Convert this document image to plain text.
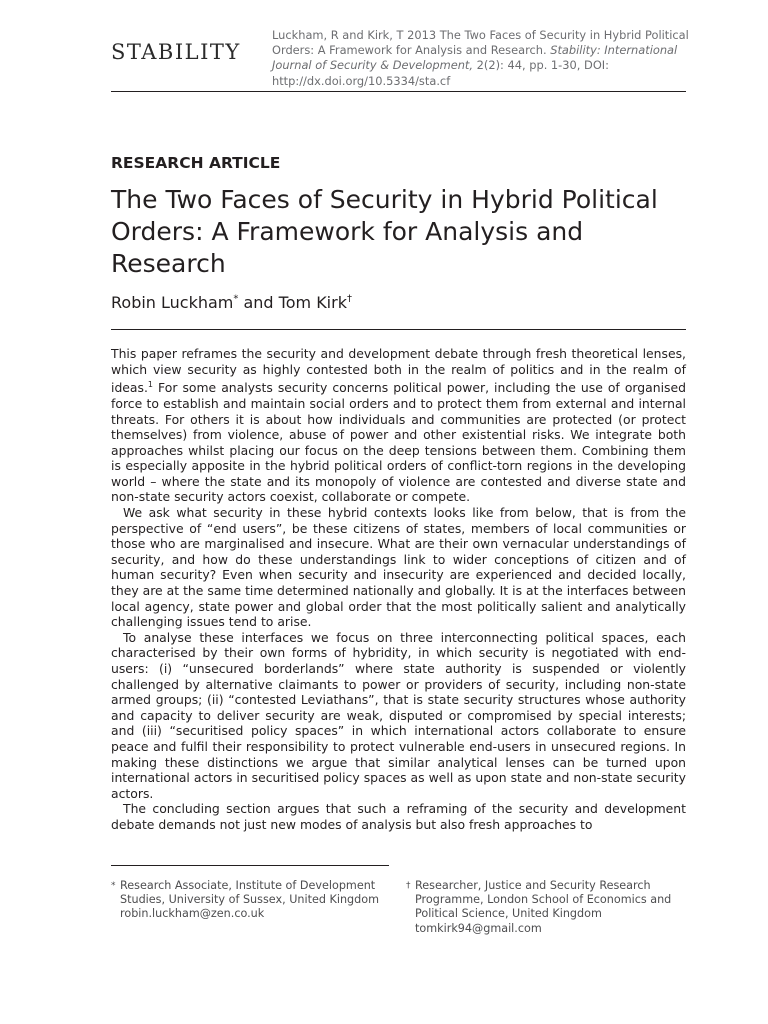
STABILITY
Luckham, R and Kirk, T 2013 The Two Faces of Security in Hybrid Political Orders: A Framework for Analysis and Research. Stability: International Journal of Security & Development, 2(2): 44, pp. 1-30, DOI: http://dx.doi.org/10.5334/sta.cf
RESEARCH ARTICLE
The Two Faces of Security in Hybrid Political Orders: A Framework for Analysis and Research
Robin Luckham* and Tom Kirk†

This paper reframes the security and development debate through fresh theoretical lenses, which view security as highly contested both in the realm of politics and in the realm of ideas.$^1$ For some analysts security concerns political power, including the use of organised force to establish and maintain social orders and to protect them from external and internal threats. For others it is about how individuals and communities are protected (or protect themselves) from violence, abuse of power and other existential risks. We integrate both approaches whilst placing our focus on the deep tensions between them. Combining them is especially apposite in the hybrid political orders of conflict-torn regions in the developing world – where the state and its monopoly of violence are contested and diverse state and non-state security actors coexist, collaborate or compete.

We ask what security in these hybrid contexts looks like from below, that is from the perspective of “end users”, be these citizens of states, members of local communities or those who are marginalised and insecure. What are their own vernacular understandings of security, and how do these understandings link to wider conceptions of citizen and of human security? Even when security and insecurity are experienced and decided locally, they are at the same time determined nationally and globally. It is at the interfaces between local agency, state power and global order that the most politically salient and analytically challenging issues tend to arise.

To analyse these interfaces we focus on three interconnecting political spaces, each characterised by their own forms of hybridity, in which security is negotiated with end-users: (i) “unsecured borderlands” where state authority is suspended or violently challenged by alternative claimants to power or providers of security, including non-state armed groups; (ii) “contested Leviathans”, that is state security structures whose authority and capacity to deliver security are weak, disputed or compromised by special interests; and (iii) “securitised policy spaces” in which international actors collaborate to ensure peace and fulfil their responsibility to protect vulnerable end-users in unsecured regions. In making these distinctions we argue that similar analytical lenses can be turned upon international actors in securitised policy spaces as well as upon state and non-state security actors.

The concluding section argues that such a reframing of the security and development debate demands not just new modes of analysis but also fresh approaches to

* Research Associate, Institute of Development
Studies, University of Sussex, United Kingdom
robin.luckham@zen.co.uk
† Researcher, Justice and Security Research
Programme, London School of Economics and
Political Science, United Kingdom
tomkirk94@gmail.com
